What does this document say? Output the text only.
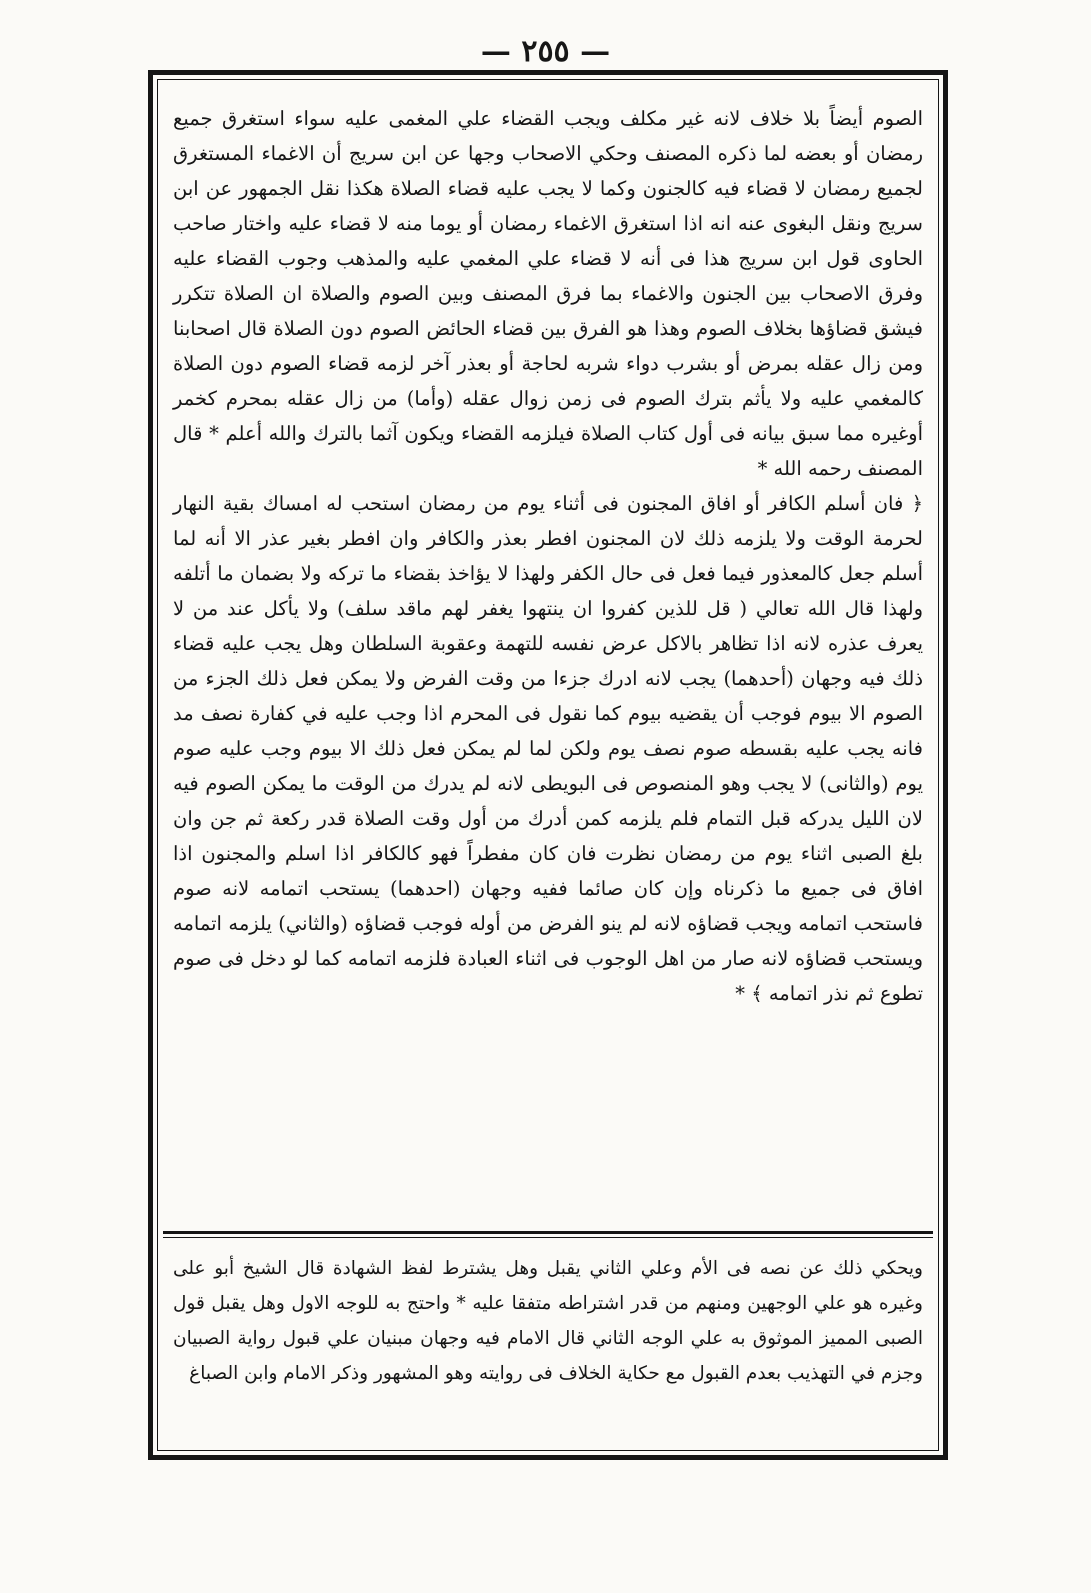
— ٢٥٥ —

الصوم أيضاً بلا خلاف لانه غير مكلف ويجب القضاء علي المغمى عليه سواء استغرق جميع رمضان أو بعضه لما ذكره المصنف وحكي الاصحاب وجها عن ابن سريج أن الاغماء المستغرق لجميع رمضان لا قضاء فيه كالجنون وكما لا يجب عليه قضاء الصلاة هكذا نقل الجمهور عن ابن سريج ونقل البغوى عنه انه اذا استغرق الاغماء رمضان أو يوما منه لا قضاء عليه واختار صاحب الحاوى قول ابن سريج هذا فى أنه لا قضاء علي المغمي عليه والمذهب وجوب القضاء عليه وفرق الاصحاب بين الجنون والاغماء بما فرق المصنف وبين الصوم والصلاة ان الصلاة تتكرر فيشق قضاؤها بخلاف الصوم وهذا هو الفرق بين قضاء الحائض الصوم دون الصلاة قال اصحابنا ومن زال عقله بمرض أو بشرب دواء شربه لحاجة أو بعذر آخر لزمه قضاء الصوم دون الصلاة كالمغمي عليه ولا يأثم بترك الصوم فى زمن زوال عقله (وأما) من زال عقله بمحرم كخمر أوغيره مما سبق بيانه فى أول كتاب الصلاة فيلزمه القضاء ويكون آثما بالترك والله أعلم * قال المصنف رحمه الله *

﴿ فان أسلم الكافر أو افاق المجنون فى أثناء يوم من رمضان استحب له امساك بقية النهار لحرمة الوقت ولا يلزمه ذلك لان المجنون افطر بعذر والكافر وان افطر بغير عذر الا أنه لما أسلم جعل كالمعذور فيما فعل فى حال الكفر ولهذا لا يؤاخذ بقضاء ما تركه ولا بضمان ما أتلفه ولهذا قال الله تعالي ( قل للذين كفروا ان ينتهوا يغفر لهم ماقد سلف) ولا يأكل عند من لا يعرف عذره لانه اذا تظاهر بالاكل عرض نفسه للتهمة وعقوبة السلطان وهل يجب عليه قضاء ذلك فيه وجهان (أحدهما) يجب لانه ادرك جزءا من وقت الفرض ولا يمكن فعل ذلك الجزء من الصوم الا بيوم فوجب أن يقضيه بيوم كما نقول فى المحرم اذا وجب عليه في كفارة نصف مد فانه يجب عليه بقسطه صوم نصف يوم ولكن لما لم يمكن فعل ذلك الا بيوم وجب عليه صوم يوم (والثانى) لا يجب وهو المنصوص فى البويطى لانه لم يدرك من الوقت ما يمكن الصوم فيه لان الليل يدركه قبل التمام فلم يلزمه كمن أدرك من أول وقت الصلاة قدر ركعة ثم جن وان بلغ الصبى اثناء يوم من رمضان نظرت فان كان مفطراً فهو كالكافر اذا اسلم والمجنون اذا افاق فى جميع ما ذكرناه وإن كان صائما ففيه وجهان (احدهما) يستحب اتمامه لانه صوم فاستحب اتمامه ويجب قضاؤه لانه لم ينو الفرض من أوله فوجب قضاؤه (والثاني) يلزمه اتمامه ويستحب قضاؤه لانه صار من اهل الوجوب فى اثناء العبادة فلزمه اتمامه كما لو دخل فى صوم تطوع ثم نذر اتمامه ﴾ *

ويحكي ذلك عن نصه فى الأم وعلي الثاني يقبل وهل يشترط لفظ الشهادة قال الشيخ أبو على وغيره هو علي الوجهين ومنهم من قدر اشتراطه متفقا عليه * واحتج به للوجه الاول وهل يقبل قول الصبى المميز الموثوق به علي الوجه الثاني قال الامام فيه وجهان مبنيان علي قبول رواية الصبيان وجزم في التهذيب بعدم القبول مع حكاية الخلاف فى روايته وهو المشهور وذكر الامام وابن الصباغ
